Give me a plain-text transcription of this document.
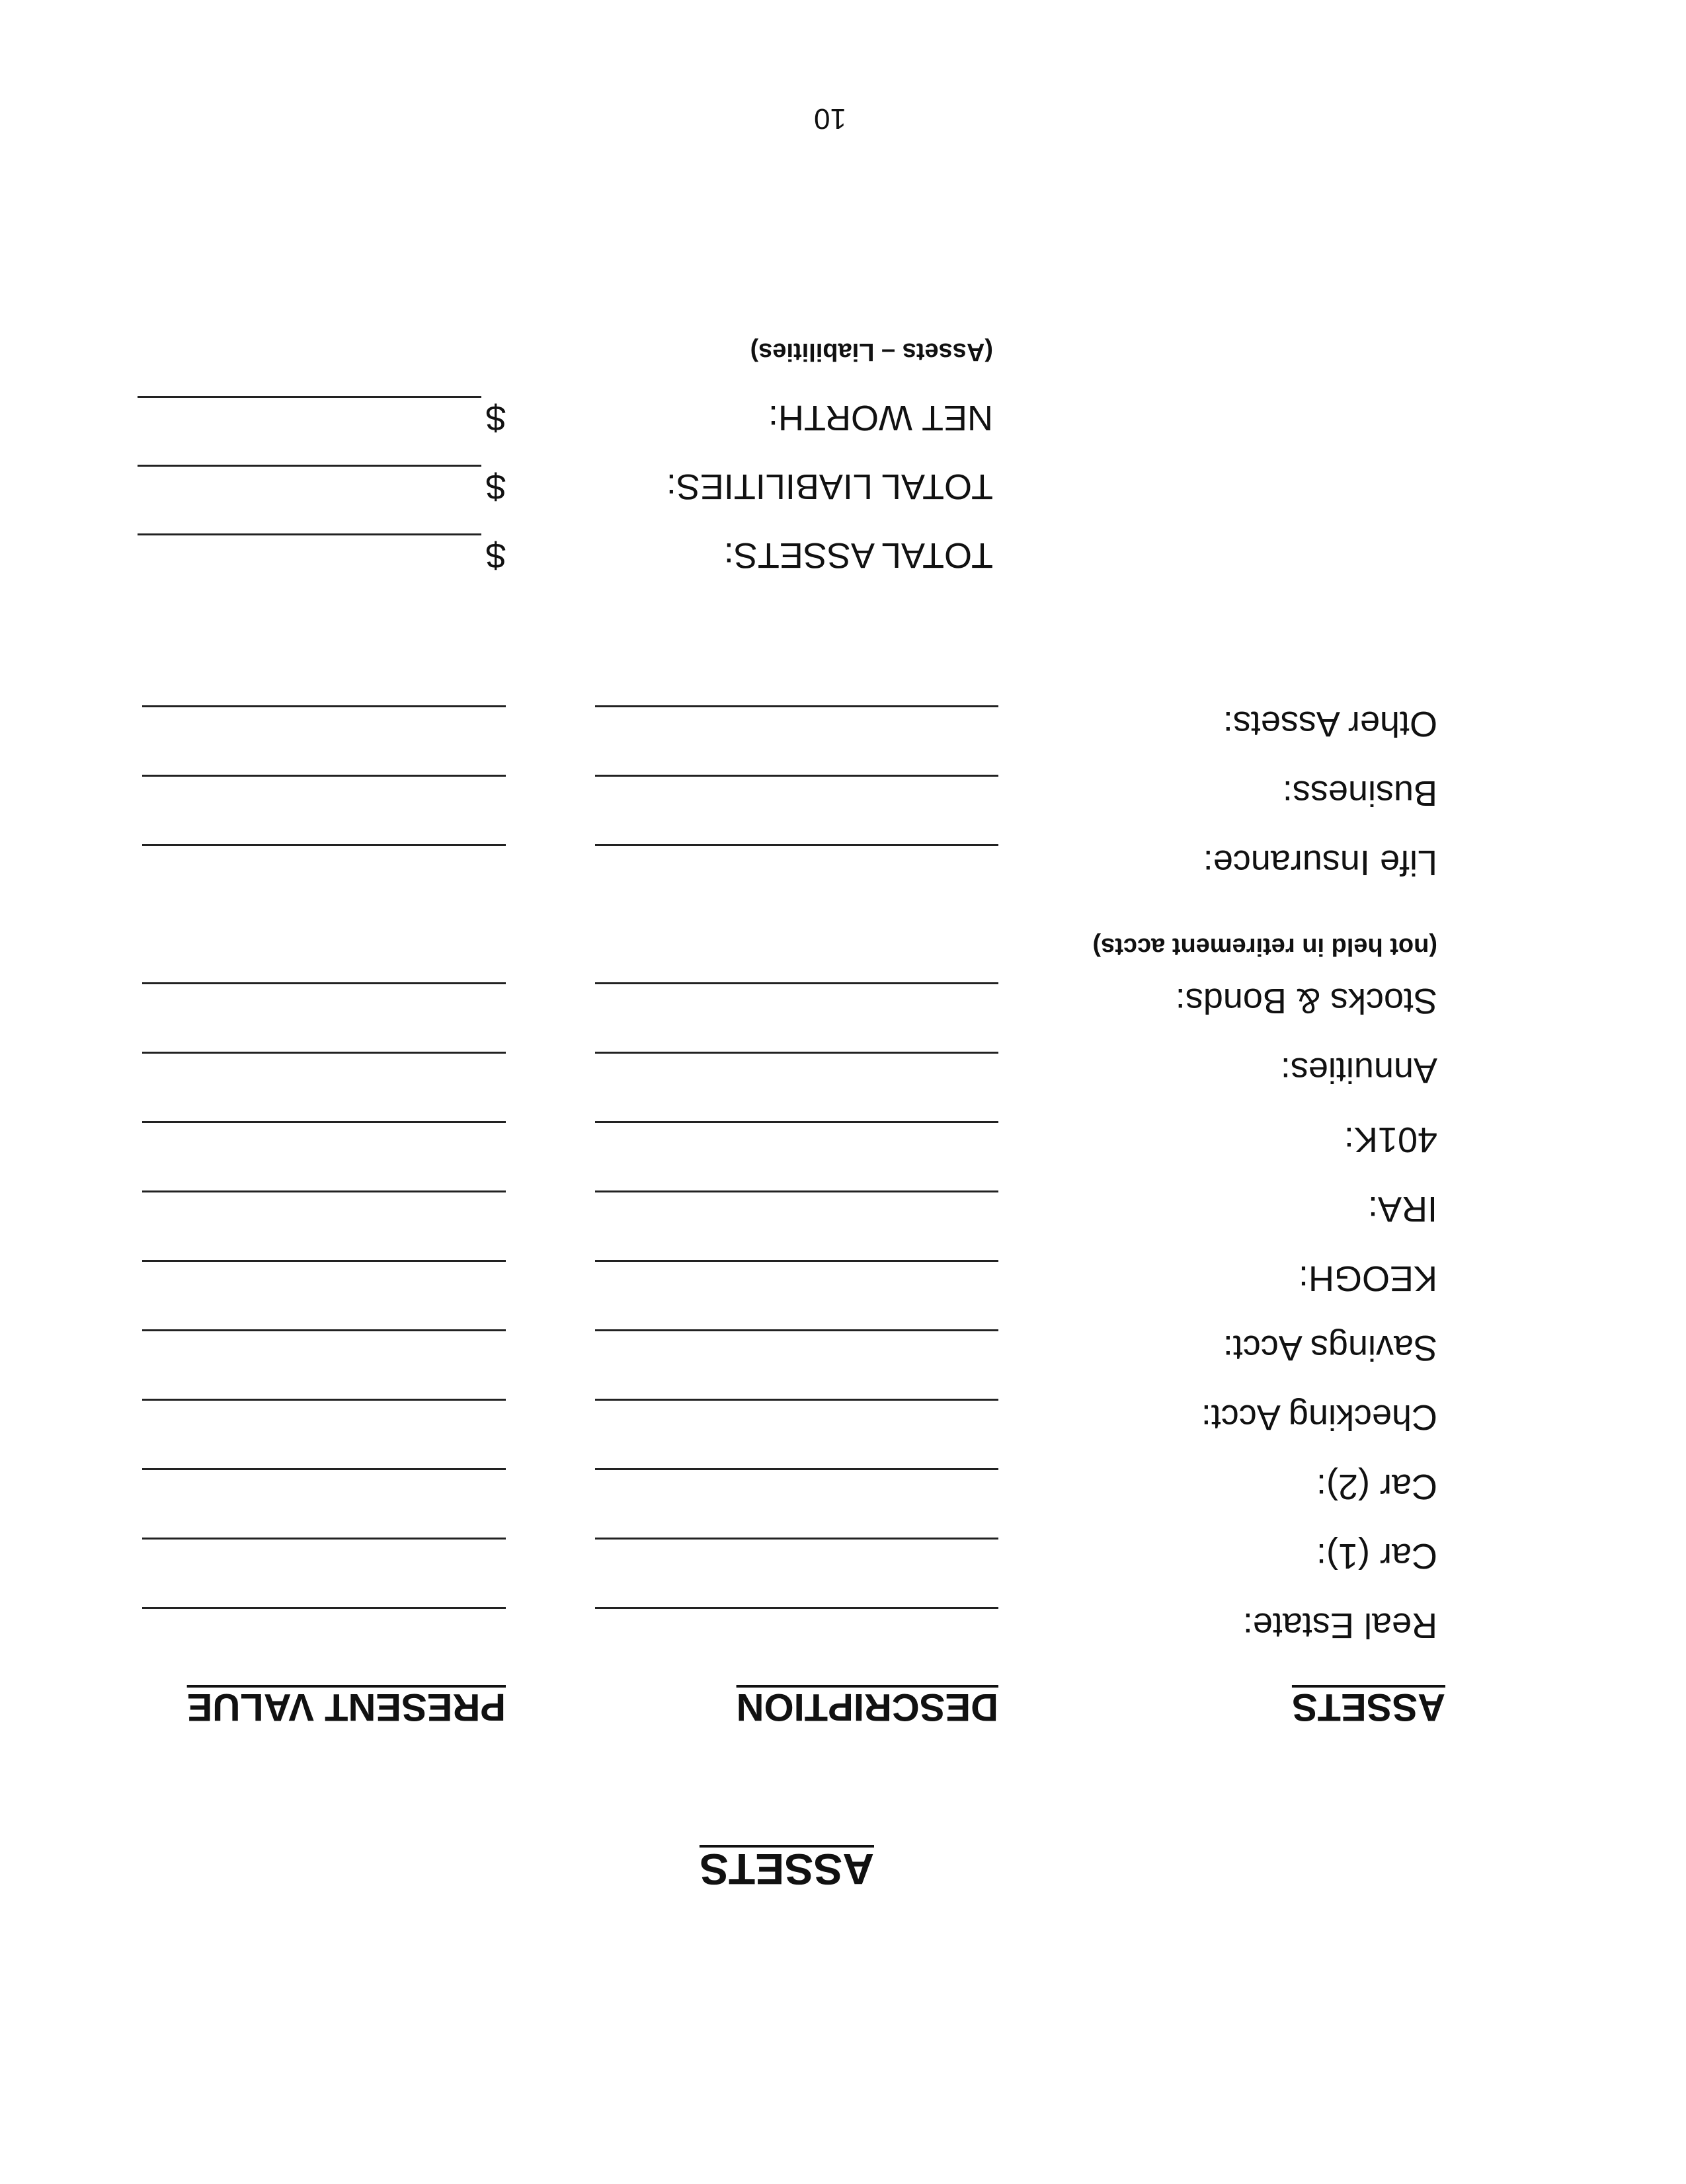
ASSETS
ASSETS
DESCRIPTION
PRESENT VALUE
Real Estate:
Car (1):
Car (2):
Checking Acct:
Savings Acct:
KEOGH:
IRA:
401K:
Annuities:
Stocks & Bonds:
(not held in retirement accts)
Life Insurance:
Business:
Other Assets:
TOTAL ASSETS:
$
TOTAL LIABILITIES:
$
NET WORTH:
$
(Assets – Liabilities)
10
